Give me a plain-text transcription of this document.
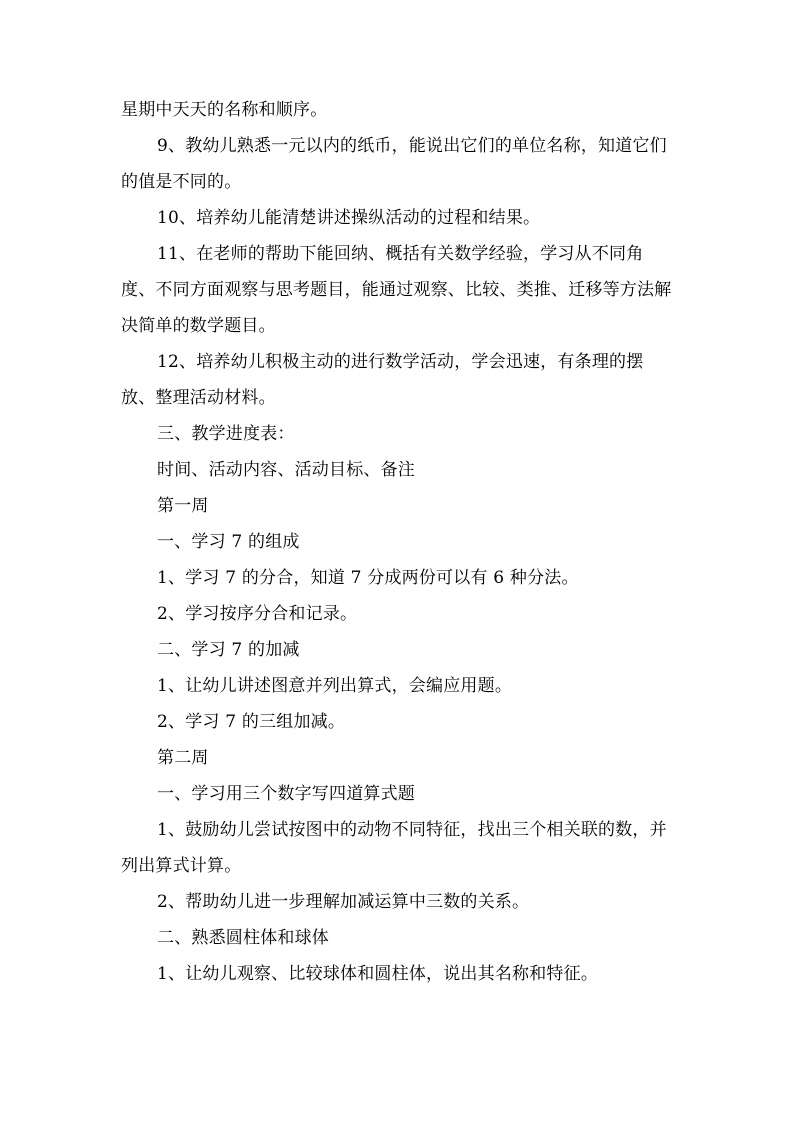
星期中天天的名称和顺序。

9、教幼儿熟悉一元以内的纸币，能说出它们的单位名称，知道它们的值是不同的。

10、培养幼儿能清楚讲述操纵活动的过程和结果。

11、在老师的帮助下能回纳、概括有关数学经验，学习从不同角度、不同方面观察与思考题目，能通过观察、比较、类推、迁移等方法解决简单的数学题目。

12、培养幼儿积极主动的进行数学活动，学会迅速，有条理的摆放、整理活动材料。

三、教学进度表：

时间、活动内容、活动目标、备注

第一周

一、学习 7 的组成

1、学习 7 的分合，知道 7 分成两份可以有 6 种分法。

2、学习按序分合和记录。

二、学习 7 的加减

1、让幼儿讲述图意并列出算式，会编应用题。

2、学习 7 的三组加减。

第二周

一、学习用三个数字写四道算式题

1、鼓励幼儿尝试按图中的动物不同特征，找出三个相关联的数，并列出算式计算。

2、帮助幼儿进一步理解加减运算中三数的关系。

二、熟悉圆柱体和球体

1、让幼儿观察、比较球体和圆柱体，说出其名称和特征。
